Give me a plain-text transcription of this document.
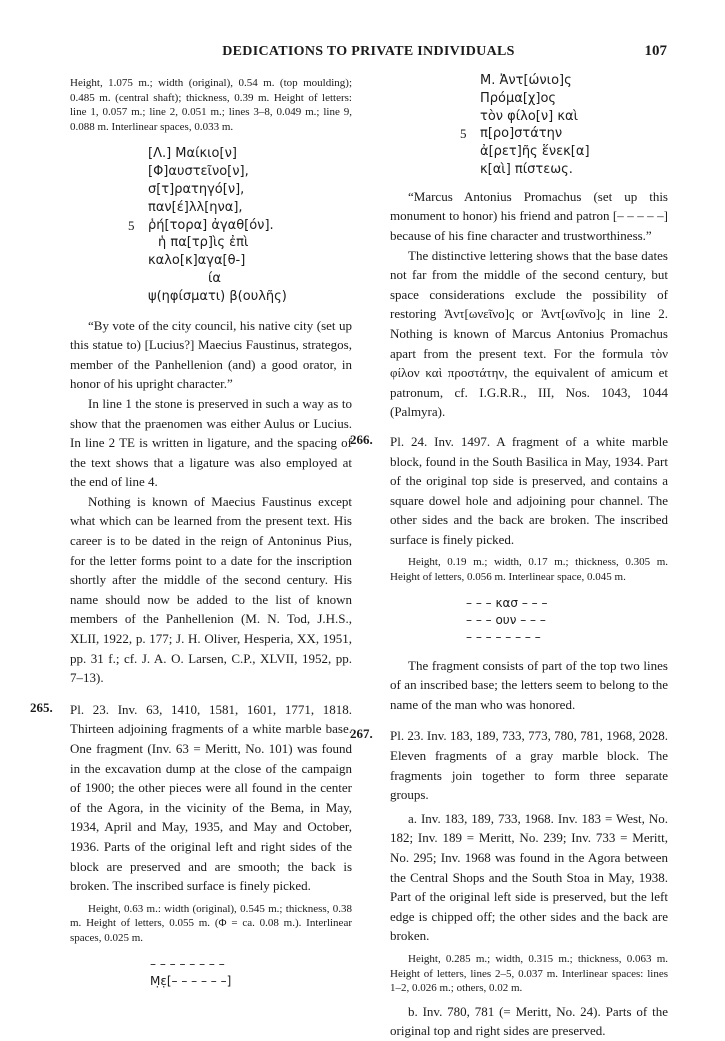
DEDICATIONS TO PRIVATE INDIVIDUALS	107

Height, 1.075 m.; width (original), 0.54 m. (top moulding); 0.485 m. (central shaft); thickness, 0.39 m. Height of letters: line 1, 0.057 m.; line 2, 0.051 m.; lines 3–8, 0.049 m.; line 9, 0.088 m. Interlinear spaces, 0.033 m.

[Λ.] Μαίκιο[ν]
[Φ]αυστεῖνο[ν],
σ[τ]ρατηγό[ν],
παν[έ]λλ[ηνα],
5 ῥή[τορα] ἀγαθ[όν].
ἡ πα[τρ]ὶς ἐπὶ
καλο[κ]αγα[θ-]
ία
ψ(ηφίσματι) β(ουλῆς)

“By vote of the city council, his native city (set up this statue to) [Lucius?] Maecius Faustinus, strategos, member of the Panhellenion (and) a good orator, in honor of his upright character.”

In line 1 the stone is preserved in such a way as to show that the praenomen was either Aulus or Lucius. In line 2 TE is written in ligature, and the spacing of the text shows that a ligature was also employed at the end of line 4.

Nothing is known of Maecius Faustinus except what which can be learned from the present text. His career is to be dated in the reign of Antoninus Pius, for the letter forms point to a date for the inscription shortly after the middle of the second century. His name should now be added to the list of known members of the Panhellenion (M. N. Tod, J.H.S., XLII, 1922, p. 177; J. H. Oliver, Hesperia, XX, 1951, pp. 31 f.; cf. J. A. O. Larsen, C.P., XLVII, 1952, pp. 7–13).

265. Pl. 23. Inv. 63, 1410, 1581, 1601, 1771, 1818. Thirteen adjoining fragments of a white marble base. One fragment (Inv. 63 = Meritt, No. 101) was found in the excavation dump at the close of the campaign of 1900; the other pieces were all found in the center of the Agora, in the vicinity of the Bema, in May, 1934, April and May, 1935, and May and October, 1936. Parts of the original left and right sides of the block are preserved and are smooth; the back is broken. The inscribed surface is finely picked.

Height, 0.63 m.: width (original), 0.545 m.; thickness, 0.38 m. Height of letters, 0.055 m. (Φ = ca. 0.08 m.). Interlinear spaces, 0.025 m.

– – – – – – – –
Μ̣ε̣[– – – – – –]
Μ. Ἀντ[ώνιο]ς
Πρόμα[χ]ος
τὸν φίλο[ν] καὶ
5 π[ρο]στάτην
ἀ[ρετ]ῆς ἕνεκ[α]
κ[αὶ] πίστεως.

“Marcus Antonius Promachus (set up this monument to honor) his friend and patron [– – – – –] because of his fine character and trustworthiness.”

The distinctive lettering shows that the base dates not far from the middle of the second century, but space considerations exclude the possibility of restoring Ἀντ[ωνεῖνο]ς or Ἀντ[ωνῖνο]ς in line 2. Nothing is known of Marcus Antonius Promachus apart from the present text. For the formula τὸν φίλον καὶ προστάτην, the equivalent of amicum et patronum, cf. I.G.R.R., III, Nos. 1043, 1044 (Palmyra).

266. Pl. 24. Inv. 1497. A fragment of a white marble block, found in the South Basilica in May, 1934. Part of the original top side is preserved, and contains a square dowel hole and adjoining pour channel. The other sides and the back are broken. The inscribed surface is finely picked.

Height, 0.19 m.; width, 0.17 m.; thickness, 0.305 m. Height of letters, 0.056 m. Interlinear space, 0.045 m.

– – – κασ – – –
– – – ουν – – –
– – – – – – – –

The fragment consists of part of the top two lines of an inscribed base; the letters seem to belong to the name of the man who was honored.

267. Pl. 23. Inv. 183, 189, 733, 773, 780, 781, 1968, 2028. Eleven fragments of a gray marble block. The fragments join together to form three separate groups.

a. Inv. 183, 189, 733, 1968. Inv. 183 = West, No. 182; Inv. 189 = Meritt, No. 239; Inv. 733 = Meritt, No. 295; Inv. 1968 was found in the Agora between the Central Shops and the South Stoa in May, 1938. Part of the original left side is preserved, but the left edge is chipped off; the other sides and the back are broken.

Height, 0.285 m.; width, 0.315 m.; thickness, 0.063 m. Height of letters, lines 2–5, 0.037 m. Interlinear spaces: lines 1–2, 0.026 m.; others, 0.02 m.

b. Inv. 780, 781 (= Meritt, No. 24). Parts of the original top and right sides are preserved.
